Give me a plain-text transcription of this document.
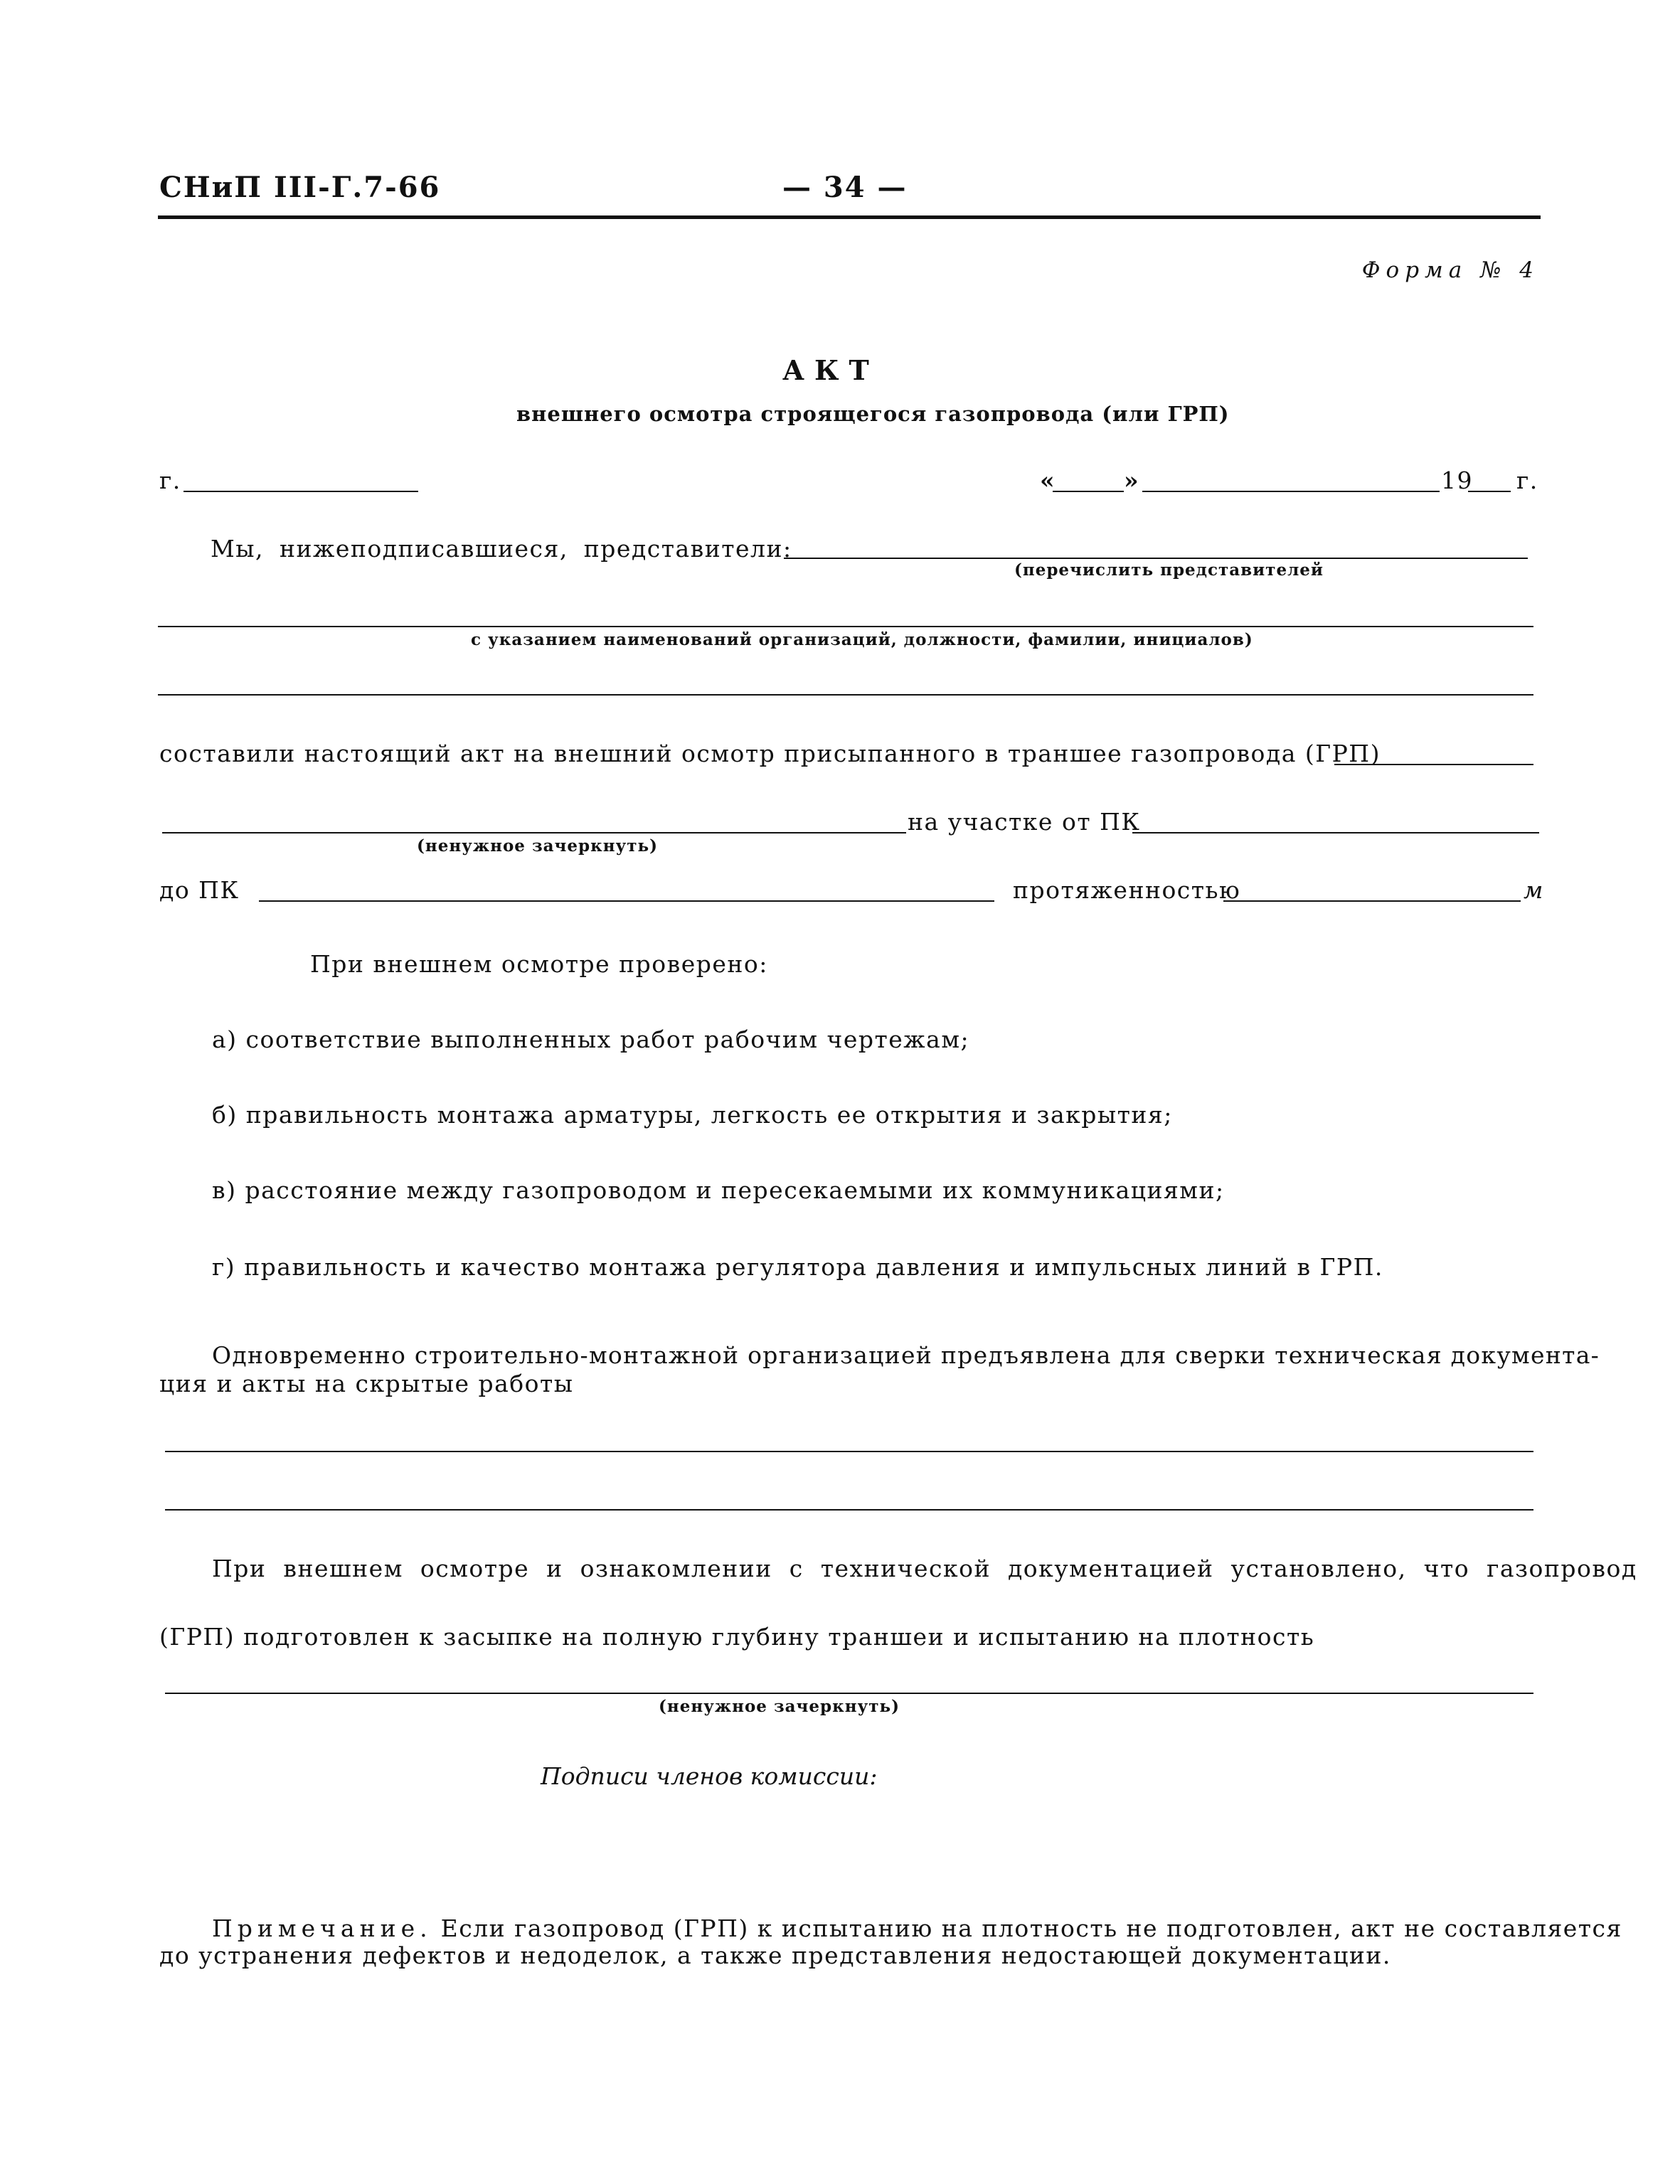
СНиП III-Г.7-66	— 34 —
Форма № 4
АКТ
внешнего осмотра строящегося газопровода (или ГРП)
г.	«	»	19 г.
Мы, нижеподписавшиеся, представители:
(перечислить представителей
с указанием наименований организаций, должности, фамилии, инициалов)
составили настоящий акт на внешний осмотр присыпанного в траншее газопровода (ГРП)
(ненужное зачеркнуть)
на участке от ПК
до ПК	протяженностью	м
При внешнем осмотре проверено:
а) соответствие выполненных работ рабочим чертежам;
б) правильность монтажа арматуры, легкость ее открытия и закрытия;
в) расстояние между газопроводом и пересекаемыми их коммуникациями;
г) правильность и качество монтажа регулятора давления и импульсных линий в ГРП.
Одновременно строительно-монтажной организацией предъявлена для сверки техническая документа-
ция и акты на скрытые работы
При внешнем осмотре и ознакомлении с технической документацией установлено, что газопровод
(ГРП) подготовлен к засыпке на полную глубину траншеи и испытанию на плотность
(ненужное зачеркнуть)
Подписи членов комиссии:
Примечание. Если газопровод (ГРП) к испытанию на плотность не подготовлен, акт не составляется
до устранения дефектов и недоделок, а также представления недостающей документации.
